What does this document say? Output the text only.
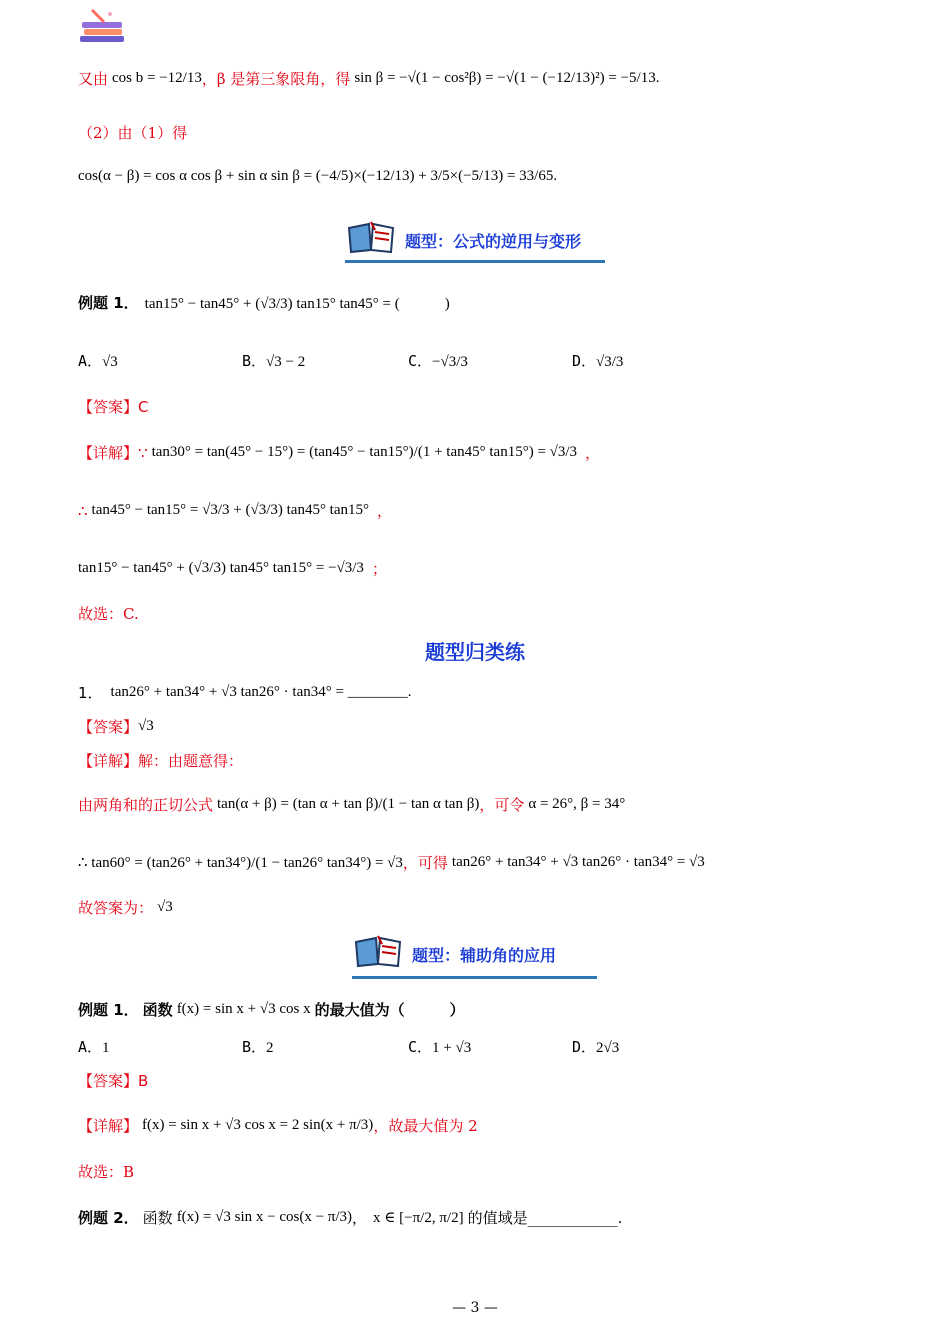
又由 cos b = −12/13 ，β 是第三象限角，得 sin β = −√(1 − cos²β) = −√(1 − (−12/13)²) = −5/13.
（2）由（1）得
cos(α − β) = cos α cos β + sin α sin β = (−4/5)×(−12/13) + 3/5×(−5/13) = 33/65.
题型：公式的逆用与变形
例题 1． tan15° − tan45° + (√3/3) tan15° tan45° = (　　　)
A．√3	B．√3 − 2	C．−√3/3	D．√3/3
【答案】 C
【详解】 ∵ tan30° = tan(45° − 15°) = (tan45° − tan15°)/(1 + tan45° tan15°) = √3/3 ，
∴ tan45° − tan15° = √3/3 + (√3/3) tan45° tan15° ，
tan15° − tan45° + (√3/3) tan45° tan15° = −√3/3 ；
故选：C.
题型归类练
1． tan26° + tan34° + √3 tan26° · tan34° = ________.
【答案】 √3
【详解】 解：由题意得：
由两角和的正切公式 tan(α + β) = (tan α + tan β)/(1 − tan α tan β) ，可令 α = 26°, β = 34°
∴ tan60° = (tan26° + tan34°)/(1 − tan26° tan34°) = √3 ，可得 tan26° + tan34° + √3 tan26° · tan34° = √3
故答案为： √3
题型：辅助角的应用
例题 1． 函数 f(x) = sin x + √3 cos x 的最大值为（　　　）
A．1	B．2	C．1 + √3	D．2√3
【答案】 B
【详解】 f(x) = sin x + √3 cos x = 2 sin(x + π/3) ，故最大值为 2
故选：B
例题 2． 函数 f(x) = √3 sin x − cos(x − π/3) ， x ∈ [−π/2, π/2] 的值域是____________.
— 3 —
